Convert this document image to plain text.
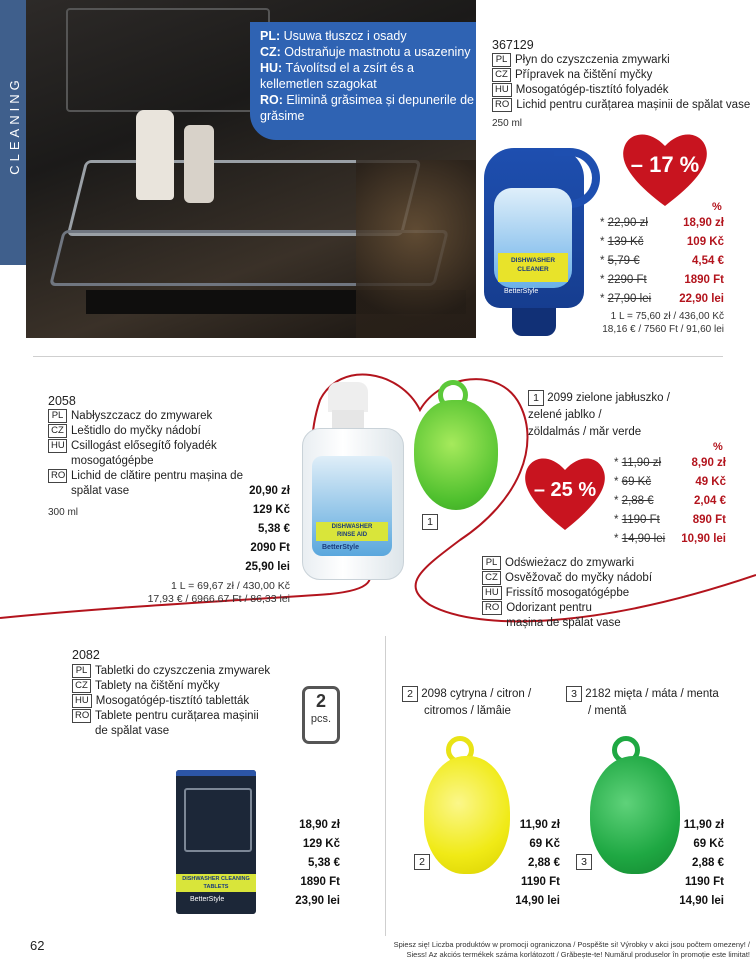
CLEANING
PL: Usuwa tłuszcz i osady
CZ: Odstraňuje mastnotu a usazeniny
HU: Távolítsd el a zsírt és a kellemetlen szagokat
RO: Elimină grăsimea și depunerile de grăsime
367129
PL Płyn do czyszczenia zmywarki
CZ Přípravek na čištění myčky
HU Mosogatógép-tisztító folyadék
RO Lichid pentru curățarea mașinii de spălat vase
250 ml
DISHWASHER
CLEANER
BetterStyle
– 17 %
%
* 22,90 zł	18,90 zł
* 139 Kč	109 Kč
* 5,79 €	4,54 €
* 2290 Ft	1890 Ft
* 27,90 lei 22,90 lei
1 L = 75,60 zł / 436,00 Kč
18,16 € / 7560 Ft / 91,60 lei
2058
PL Nabłyszczacz do zmywarek
CZ Leštidlo do myčky nádobí
HU Csillogást elősegítő folyadék mosogatógépbe
RO Lichid de clătire pentru mașina de spălat vase
300 ml
20,90 zł
129 Kč
5,38 €
2090 Ft
25,90 lei
1 L = 69,67 zł / 430,00 Kč
17,93 € / 6966.67 Ft / 86,33 lei
DISHWASHER
RINSE AID
BetterStyle
1
1 2099 zielone jabłuszko /
zelené jablko /
zöldalmás / măr verde
– 25 %
%
* 11,90 zł	8,90 zł
* 69 Kč	49 Kč
* 2,88 €	2,04 €
* 1190 Ft	890 Ft
* 14,90 lei 10,90 lei
PL Odświeżacz do zmywarki
CZ Osvěžovač do myčky nádobí
HU Frissítő mosogatógépbe
RO Odorizant pentru mașina de spălat vase
2082
PL Tabletki do czyszczenia zmywarek
CZ Tablety na čištění myčky
HU Mosogatógép-tisztító tabletták
RO Tablete pentru curățarea mașinii de spălat vase
2
pcs.
DISHWASHER CLEANING TABLETS
BetterStyle
18,90 zł
129 Kč
5,38 €
1890 Ft
23,90 lei
2 2098 cytryna / citron /
citromos / lămâie
2
11,90 zł
69 Kč
2,88 €
1190 Ft
14,90 lei
3 2182 mięta / máta / menta
/ mentă
3
11,90 zł
69 Kč
2,88 €
1190 Ft
14,90 lei
62	Spiesz się! Liczba produktów w promocji ograniczona / Pospěšte si! Výrobky v akci jsou počtem omezeny! /
Siess! Az akciós termékek száma korlátozott / Grăbește-te! Numărul produselor în promoție este limitat!
